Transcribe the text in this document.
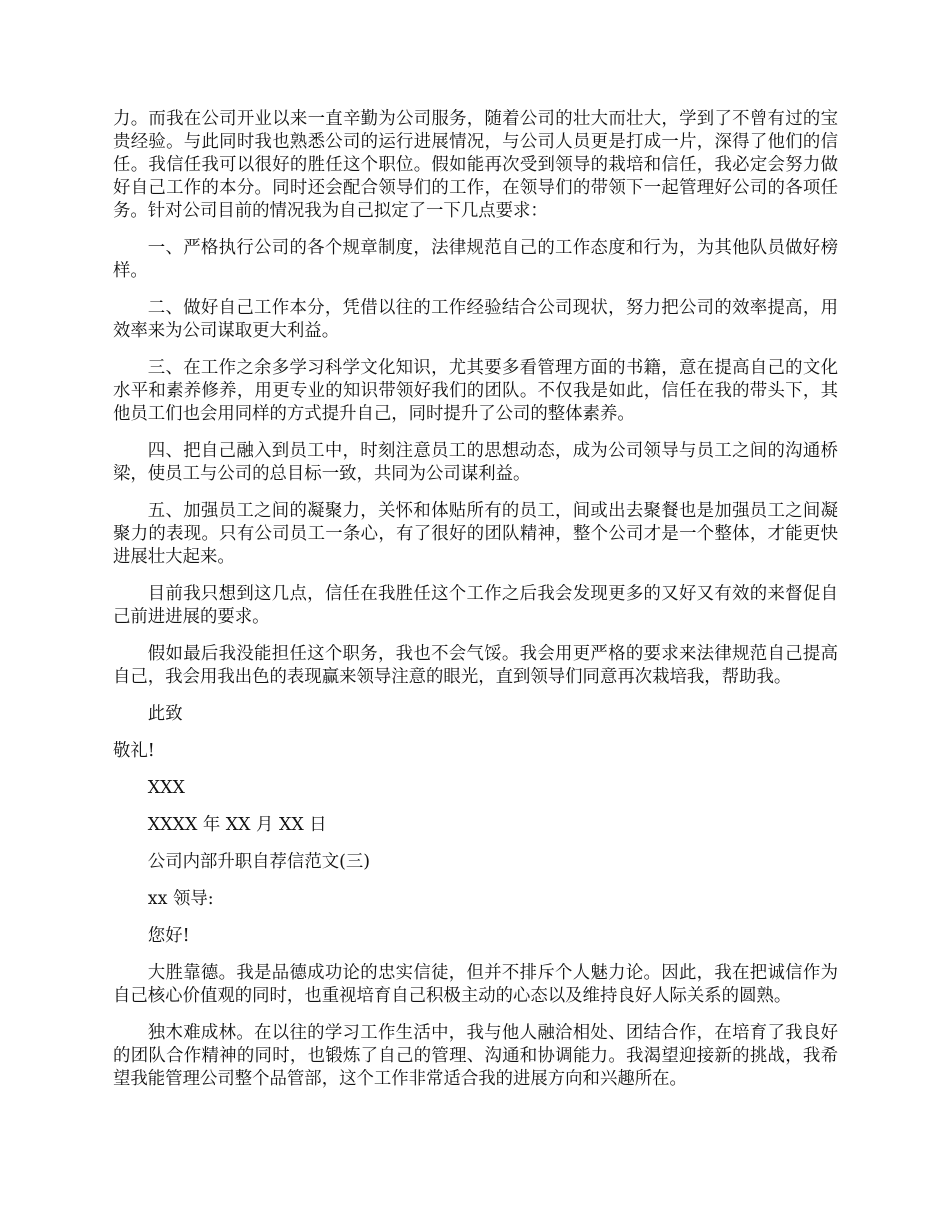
力。而我在公司开业以来一直辛勤为公司服务，随着公司的壮大而壮大，学到了不曾有过的宝贵经验。与此同时我也熟悉公司的运行进展情况，与公司人员更是打成一片，深得了他们的信任。我信任我可以很好的胜任这个职位。假如能再次受到领导的栽培和信任，我必定会努力做好自己工作的本分。同时还会配合领导们的工作，在领导们的带领下一起管理好公司的各项任务。针对公司目前的情况我为自己拟定了一下几点要求：

一、严格执行公司的各个规章制度，法律规范自己的工作态度和行为，为其他队员做好榜样。

二、做好自己工作本分，凭借以往的工作经验结合公司现状，努力把公司的效率提高，用效率来为公司谋取更大利益。

三、在工作之余多学习科学文化知识，尤其要多看管理方面的书籍，意在提高自己的文化水平和素养修养，用更专业的知识带领好我们的团队。不仅我是如此，信任在我的带头下，其他员工们也会用同样的方式提升自己，同时提升了公司的整体素养。

四、把自己融入到员工中，时刻注意员工的思想动态，成为公司领导与员工之间的沟通桥梁，使员工与公司的总目标一致，共同为公司谋利益。

五、加强员工之间的凝聚力，关怀和体贴所有的员工，间或出去聚餐也是加强员工之间凝聚力的表现。只有公司员工一条心，有了很好的团队精神，整个公司才是一个整体，才能更快进展壮大起来。

目前我只想到这几点，信任在我胜任这个工作之后我会发现更多的又好又有效的来督促自己前进进展的要求。

假如最后我没能担任这个职务，我也不会气馁。我会用更严格的要求来法律规范自己提高自己，我会用我出色的表现赢来领导注意的眼光，直到领导们同意再次栽培我，帮助我。

此致

敬礼!

XXX

XXXX 年 XX 月 XX 日

公司内部升职自荐信范文(三)

xx 领导:

您好!

大胜靠德。我是品德成功论的忠实信徒，但并不排斥个人魅力论。因此，我在把诚信作为自己核心价值观的同时，也重视培育自己积极主动的心态以及维持良好人际关系的圆熟。

独木难成林。在以往的学习工作生活中，我与他人融洽相处、团结合作，在培育了我良好的团队合作精神的同时，也锻炼了自己的管理、沟通和协调能力。我渴望迎接新的挑战，我希望我能管理公司整个品管部，这个工作非常适合我的进展方向和兴趣所在。
